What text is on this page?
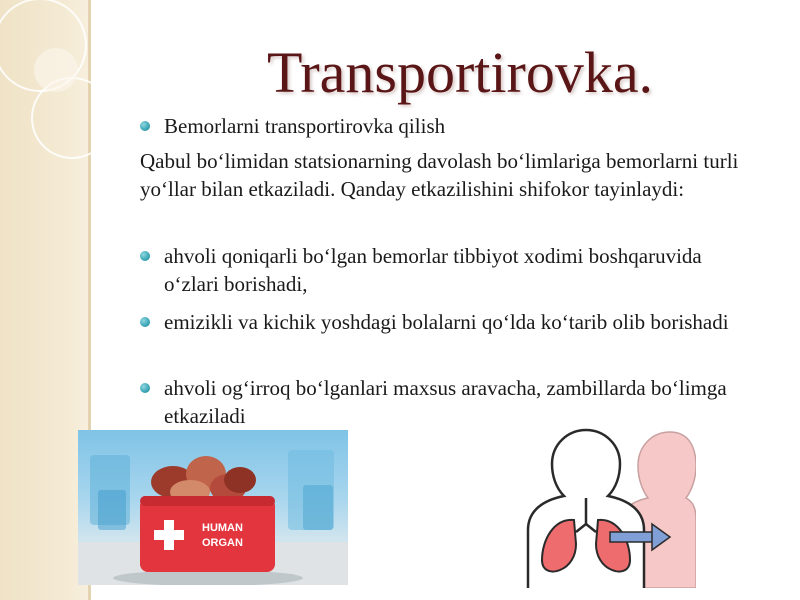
Transportirovka.
Bemorlarni transportirovka qilish
Qabul bo‘limidan statsionarning davolash bo‘limlariga bemorlarni turli yo‘llar bilan etkaziladi. Qanday etkazilishini shifokor tayinlaydi:
ahvoli qoniqarli bo‘lgan bemorlar tibbiyot xodimi boshqaruvida o‘zlari borishadi,
emizikli va kichik yoshdagi bolalarni qo‘lda ko‘tarib olib borishadi
ahvoli og‘irroq bo‘lganlari maxsus aravacha, zambillarda bo‘limga etkaziladi
HUMAN
ORGAN
